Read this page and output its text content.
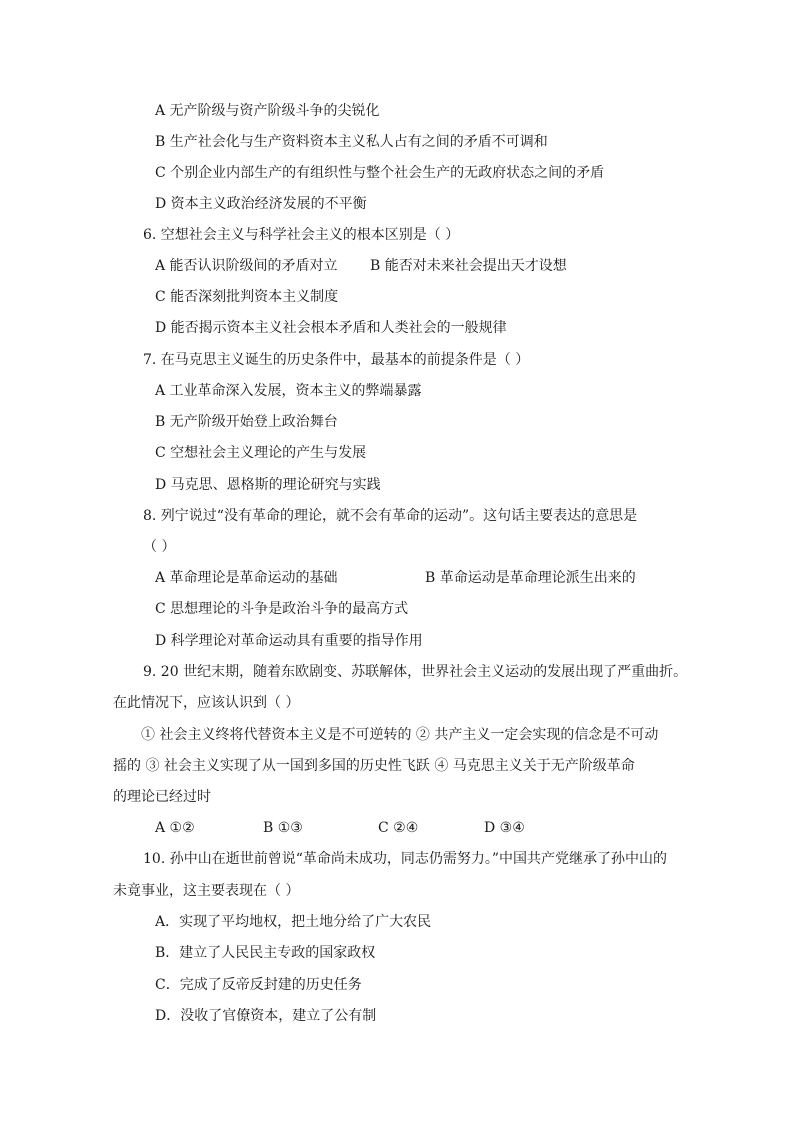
A 无产阶级与资产阶级斗争的尖锐化
B 生产社会化与生产资料资本主义私人占有之间的矛盾不可调和
C 个别企业内部生产的有组织性与整个社会生产的无政府状态之间的矛盾
D 资本主义政治经济发展的不平衡
6. 空想社会主义与科学社会主义的根本区别是（ ）
A 能否认识阶级间的矛盾对立 B 能否对未来社会提出天才设想
C 能否深刻批判资本主义制度
D 能否揭示资本主义社会根本矛盾和人类社会的一般规律
7. 在马克思主义诞生的历史条件中，最基本的前提条件是（ ）
A 工业革命深入发展，资本主义的弊端暴露
B 无产阶级开始登上政治舞台
C 空想社会主义理论的产生与发展
D 马克思、恩格斯的理论研究与实践
8. 列宁说过“没有革命的理论，就不会有革命的运动”。这句话主要表达的意思是
（ ）
A 革命理论是革命运动的基础	B 革命运动是革命理论派生出来的
C 思想理论的斗争是政治斗争的最高方式
D 科学理论对革命运动具有重要的指导作用
9. 20 世纪末期，随着东欧剧变、苏联解体，世界社会主义运动的发展出现了严重曲折。
在此情况下，应该认识到（ ）
① 社会主义终将代替资本主义是不可逆转的 ② 共产主义一定会实现的信念是不可动
摇的 ③ 社会主义实现了从一国到多国的历史性飞跃 ④ 马克思主义关于无产阶级革命
的理论已经过时
A ①②	B ①③	C ②④	D ③④
10. 孙中山在逝世前曾说“革命尚未成功，同志仍需努力。”中国共产党继承了孙中山的
未竟事业，这主要表现在（ ）
A．实现了平均地权，把土地分给了广大农民
B．建立了人民民主专政的国家政权
C．完成了反帝反封建的历史任务
D．没收了官僚资本，建立了公有制
